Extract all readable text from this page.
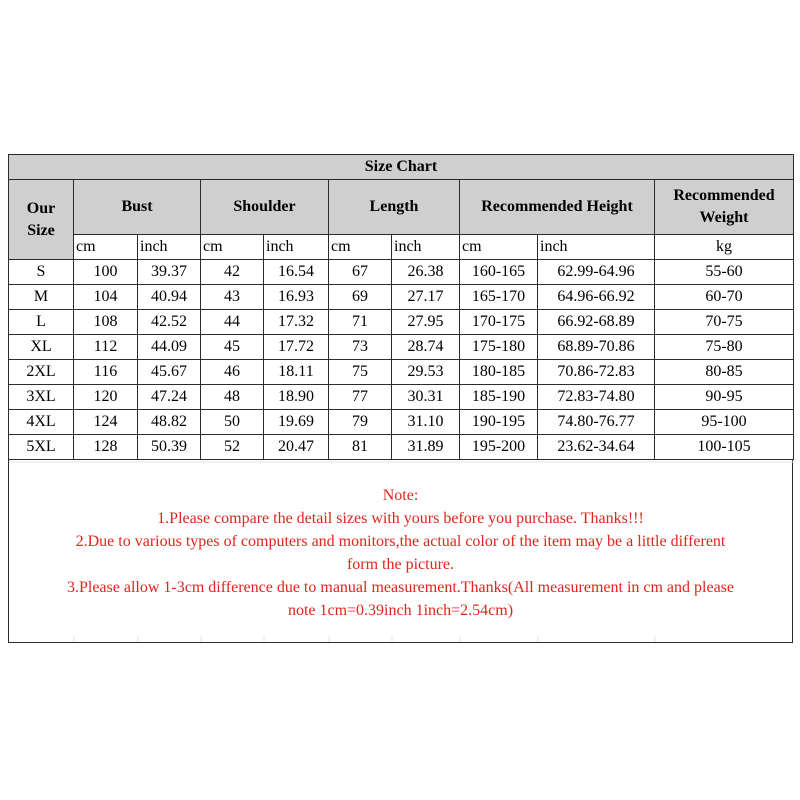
Size Chart									
Our Size	Bust		Shoulder		Length		Recommended Height		Recommended Weight
	cm	inch	cm	inch	cm	inch	cm	inch	kg
S	100	39.37	42	16.54	67	26.38	160-165	62.99-64.96	55-60
M	104	40.94	43	16.93	69	27.17	165-170	64.96-66.92	60-70
L	108	42.52	44	17.32	71	27.95	170-175	66.92-68.89	70-75
XL	112	44.09	45	17.72	73	28.74	175-180	68.89-70.86	75-80
2XL	116	45.67	46	18.11	75	29.53	180-185	70.86-72.83	80-85
3XL	120	47.24	48	18.90	77	30.31	185-190	72.83-74.80	90-95
4XL	124	48.82	50	19.69	79	31.10	190-195	74.80-76.77	95-100
5XL	128	50.39	52	20.47	81	31.89	195-200	23.62-34.64	100-105
Note:
1.Please compare the detail sizes with yours before you purchase. Thanks!!!
2.Due to various types of computers and monitors,the actual color of the item may be a little different
form the picture.
3.Please allow 1-3cm difference due to manual measurement.Thanks(All measurement in cm and please
note 1cm=0.39inch 1inch=2.54cm)
